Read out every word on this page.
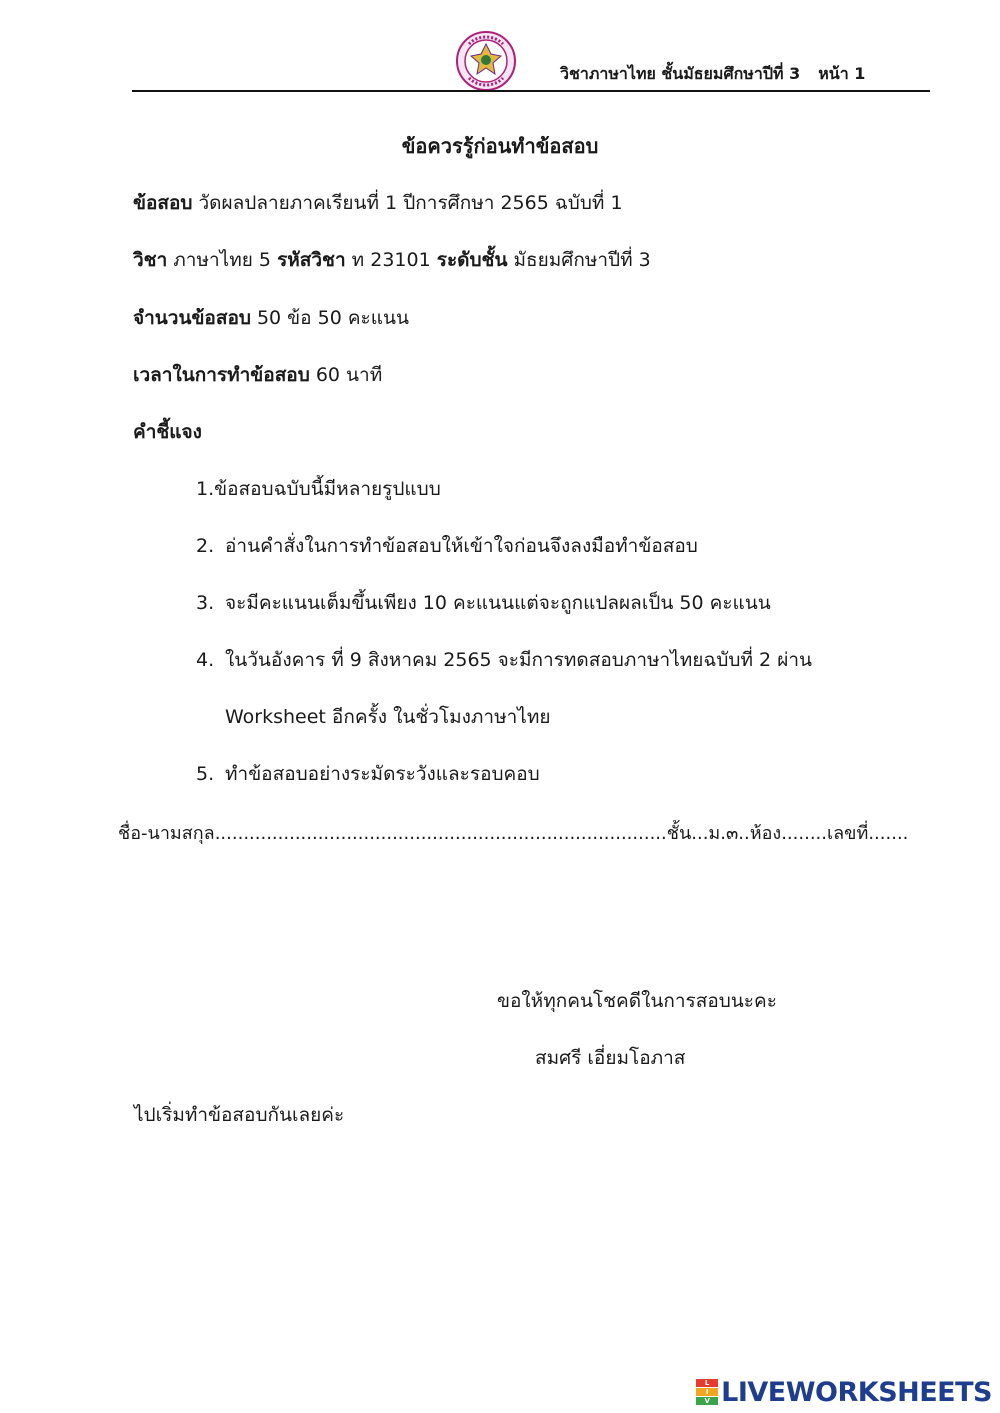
วิชาภาษาไทย ชั้นมัธยมศึกษาปีที่ 3 หน้า 1
ข้อควรรู้ก่อนทำข้อสอบ
ข้อสอบ วัดผลปลายภาคเรียนที่ 1 ปีการศึกษา 2565 ฉบับที่ 1
วิชา ภาษาไทย 5 รหัสวิชา ท 23101 ระดับชั้น มัธยมศึกษาปีที่ 3
จำนวนข้อสอบ 50 ข้อ 50 คะแนน
เวลาในการทำข้อสอบ 60 นาที
คำชี้แจง
1.ข้อสอบฉบับนี้มีหลายรูปแบบ
2. อ่านคำสั่งในการทำข้อสอบให้เข้าใจก่อนจึงลงมือทำข้อสอบ
3. จะมีคะแนนเต็มขึ้นเพียง 10 คะแนนแต่จะถูกแปลผลเป็น 50 คะแนน
4. ในวันอังคาร ที่ 9 สิงหาคม 2565 จะมีการทดสอบภาษาไทยฉบับที่ 2 ผ่าน
Worksheet อีกครั้ง ในชั่วโมงภาษาไทย
5. ทำข้อสอบอย่างระมัดระวังและรอบคอบ
ชื่อ-นามสกุล...............................................................................ชั้น...ม.๓..ห้อง........เลขที่.......
ขอให้ทุกคนโชคดีในการสอบนะคะ
สมศรี เอี่ยมโอภาส
ไปเริ่มทำข้อสอบกันเลยค่ะ
L
I
V LIVEWORKSHEETS
